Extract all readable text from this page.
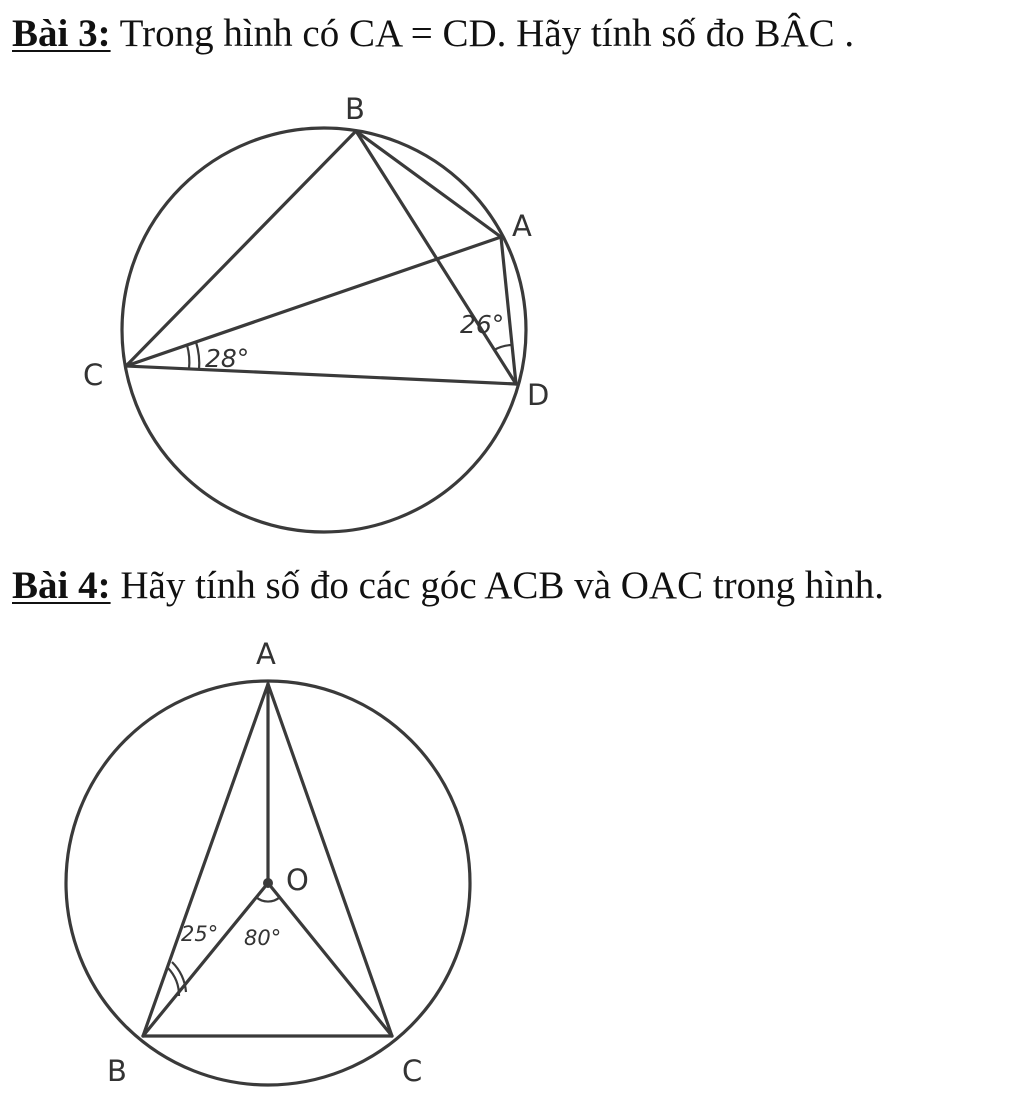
Bài 3: Trong hình có CA = CD. Hãy tính số đo BÂC .
B
A
C
D
28°
26°
Bài 4: Hãy tính số đo các góc ACB và OAC trong hình.
A
O
B	C
25° 80°
